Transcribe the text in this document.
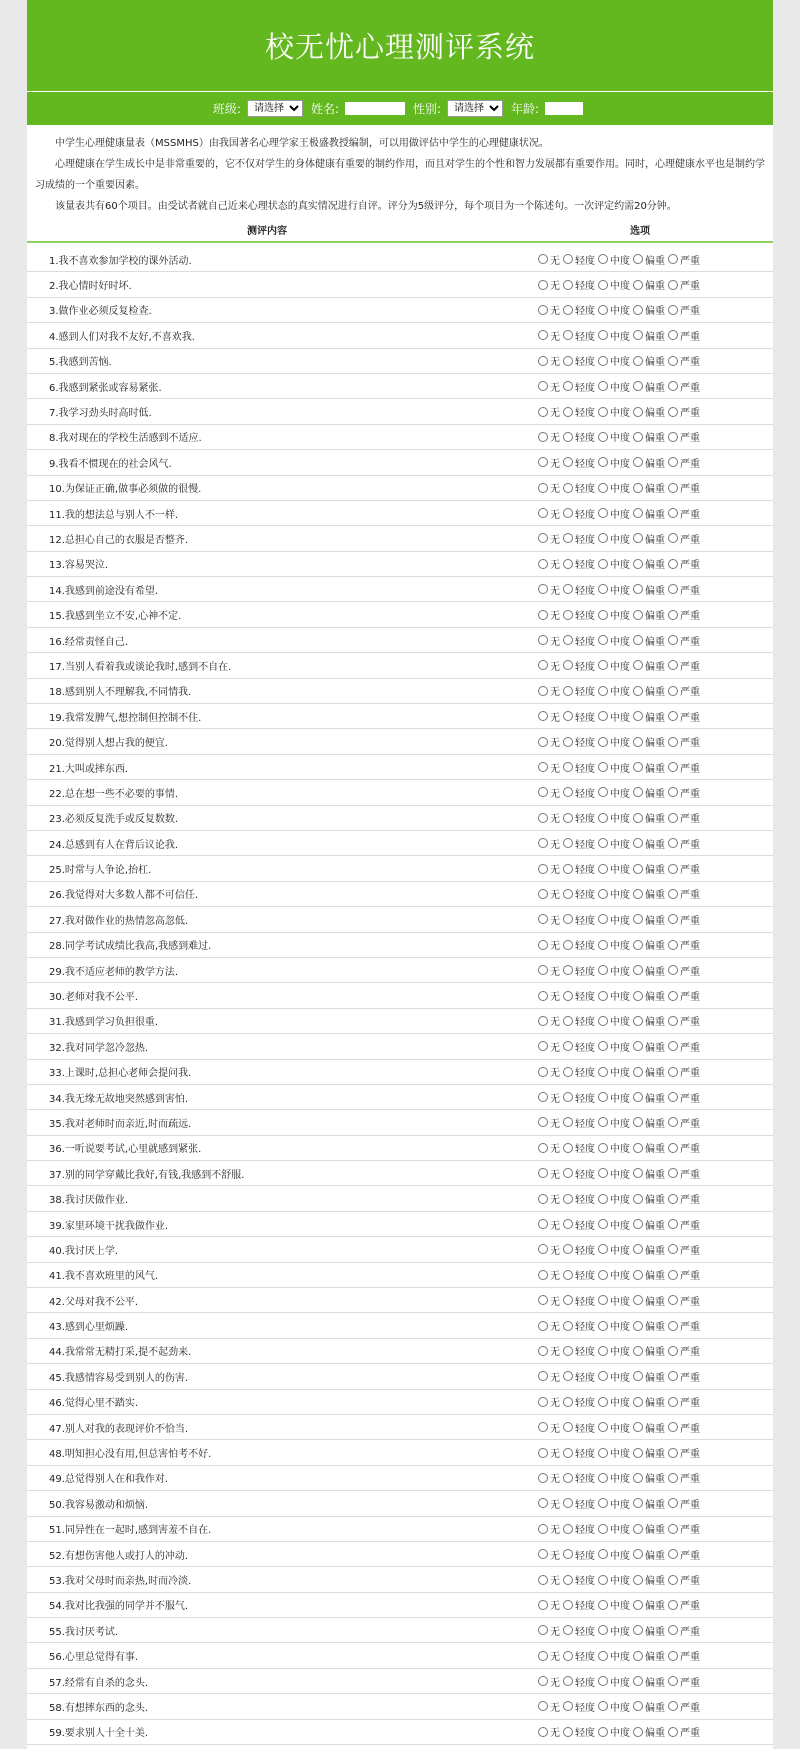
校无忧心理测评系统
班级:
请选择	姓名:	性别:
请选择	年龄:

中学生心理健康量表（MSSMHS）由我国著名心理学家王极盛教授编制，可以用做评估中学生的心理健康状况。

心理健康在学生成长中是非常重要的，它不仅对学生的身体健康有重要的制约作用，而且对学生的个性和智力发展都有重要作用。同时，心理健康水平也是制约学习成绩的一个重要因素。

该量表共有60个项目。由受试者就自己近来心理状态的真实情况进行自评。评分为5级评分，每个项目为一个陈述句。一次评定约需20分钟。

测评内容	选项
1.我不喜欢参加学校的课外活动.	无 轻度 中度 偏重 严重
2.我心情时好时坏.	无 轻度 中度 偏重 严重
3.做作业必须反复检查.	无 轻度 中度 偏重 严重
4.感到人们对我不友好,不喜欢我.	无 轻度 中度 偏重 严重
5.我感到苦恼.	无 轻度 中度 偏重 严重
6.我感到紧张或容易紧张.	无 轻度 中度 偏重 严重
7.我学习劲头时高时低.	无 轻度 中度 偏重 严重
8.我对现在的学校生活感到不适应.	无 轻度 中度 偏重 严重
9.我看不惯现在的社会风气.	无 轻度 中度 偏重 严重
10.为保证正确,做事必须做的很慢.	无 轻度 中度 偏重 严重
11.我的想法总与别人不一样.	无 轻度 中度 偏重 严重
12.总担心自己的衣服是否整齐.	无 轻度 中度 偏重 严重
13.容易哭泣.	无 轻度 中度 偏重 严重
14.我感到前途没有希望.	无 轻度 中度 偏重 严重
15.我感到坐立不安,心神不定.	无 轻度 中度 偏重 严重
16.经常责怪自己.	无 轻度 中度 偏重 严重
17.当别人看着我或谈论我时,感到不自在.	无 轻度 中度 偏重 严重
18.感到别人不理解我,不同情我.	无 轻度 中度 偏重 严重
19.我常发脾气,想控制但控制不住.	无 轻度 中度 偏重 严重
20.觉得别人想占我的便宜.	无 轻度 中度 偏重 严重
21.大叫或摔东西.	无 轻度 中度 偏重 严重
22.总在想一些不必要的事情.	无 轻度 中度 偏重 严重
23.必须反复洗手或反复数数.	无 轻度 中度 偏重 严重
24.总感到有人在背后议论我.	无 轻度 中度 偏重 严重
25.时常与人争论,抬杠.	无 轻度 中度 偏重 严重
26.我觉得对大多数人都不可信任.	无 轻度 中度 偏重 严重
27.我对做作业的热情忽高忽低.	无 轻度 中度 偏重 严重
28.同学考试成绩比我高,我感到难过.	无 轻度 中度 偏重 严重
29.我不适应老师的教学方法.	无 轻度 中度 偏重 严重
30.老师对我不公平.	无 轻度 中度 偏重 严重
31.我感到学习负担很重.	无 轻度 中度 偏重 严重
32.我对同学忽冷忽热.	无 轻度 中度 偏重 严重
33.上课时,总担心老师会提问我.	无 轻度 中度 偏重 严重
34.我无缘无故地突然感到害怕.	无 轻度 中度 偏重 严重
35.我对老师时而亲近,时而疏远.	无 轻度 中度 偏重 严重
36.一听说要考试,心里就感到紧张.	无 轻度 中度 偏重 严重
37.别的同学穿戴比我好,有钱,我感到不舒服.	无 轻度 中度 偏重 严重
38.我讨厌做作业.	无 轻度 中度 偏重 严重
39.家里环境干扰我做作业.	无 轻度 中度 偏重 严重
40.我讨厌上学.	无 轻度 中度 偏重 严重
41.我不喜欢班里的风气.	无 轻度 中度 偏重 严重
42.父母对我不公平.	无 轻度 中度 偏重 严重
43.感到心里烦躁.	无 轻度 中度 偏重 严重
44.我常常无精打采,提不起劲来.	无 轻度 中度 偏重 严重
45.我感情容易受到别人的伤害.	无 轻度 中度 偏重 严重
46.觉得心里不踏实.	无 轻度 中度 偏重 严重
47.别人对我的表现评价不恰当.	无 轻度 中度 偏重 严重
48.明知担心没有用,但总害怕考不好.	无 轻度 中度 偏重 严重
49.总觉得别人在和我作对.	无 轻度 中度 偏重 严重
50.我容易激动和烦恼.	无 轻度 中度 偏重 严重
51.同异性在一起时,感到害羞不自在.	无 轻度 中度 偏重 严重
52.有想伤害他人或打人的冲动.	无 轻度 中度 偏重 严重
53.我对父母时而亲热,时而冷淡.	无 轻度 中度 偏重 严重
54.我对比我强的同学并不服气.	无 轻度 中度 偏重 严重
55.我讨厌考试.	无 轻度 中度 偏重 严重
56.心里总觉得有事.	无 轻度 中度 偏重 严重
57.经常有自杀的念头.	无 轻度 中度 偏重 严重
58.有想摔东西的念头.	无 轻度 中度 偏重 严重
59.要求别人十全十美.	无 轻度 中度 偏重 严重
